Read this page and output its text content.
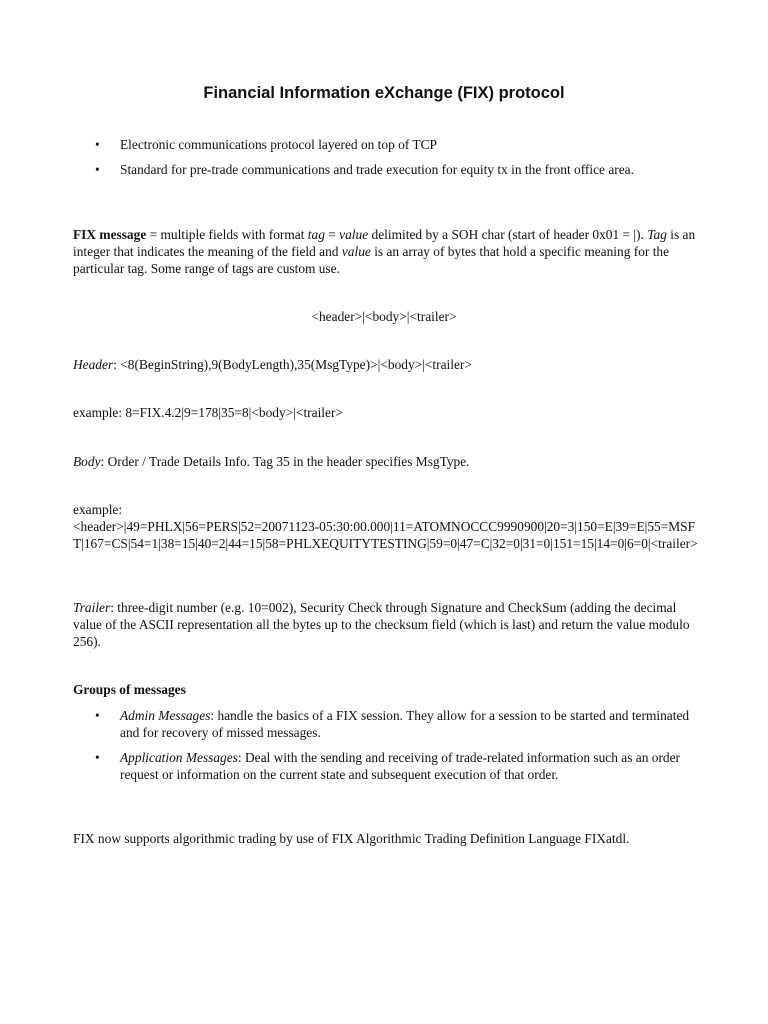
Financial Information eXchange (FIX) protocol
• Electronic communications protocol layered on top of TCP
• Standard for pre-trade communications and trade execution for equity tx in the front office area.

FIX message = multiple fields with format tag = value delimited by a SOH char (start of header 0x01 = |). Tag is an integer that indicates the meaning of the field and value is an array of bytes that hold a specific meaning for the particular tag. Some range of tags are custom use.

<header>|<body>|<trailer>

Header: <8(BeginString),9(BodyLength),35(MsgType)>|<body>|<trailer>

example: 8=FIX.4.2|9=178|35=8|<body>|<trailer>

Body: Order / Trade Details Info. Tag 35 in the header specifies MsgType.

example:

<header>|49=PHLX|56=PERS|52=20071123-05:30:00.000|11=ATOMNOCCC9990900|20=3|150=E|39=E|55=MSFT|167=CS|54=1|38=15|40=2|44=15|58=PHLXEQUITYTESTING|59=0|47=C|32=0|31=0|151=15|14=0|6=0|<trailer>

Trailer: three-digit number (e.g. 10=002), Security Check through Signature and CheckSum (adding the decimal value of the ASCII representation all the bytes up to the checksum field (which is last) and return the value modulo 256).

Groups of messages

• Admin Messages: handle the basics of a FIX session. They allow for a session to be started and terminated and for recovery of missed messages.
• Application Messages: Deal with the sending and receiving of trade-related information such as an order request or information on the current state and subsequent execution of that order.

FIX now supports algorithmic trading by use of FIX Algorithmic Trading Definition Language FIXatdl.
